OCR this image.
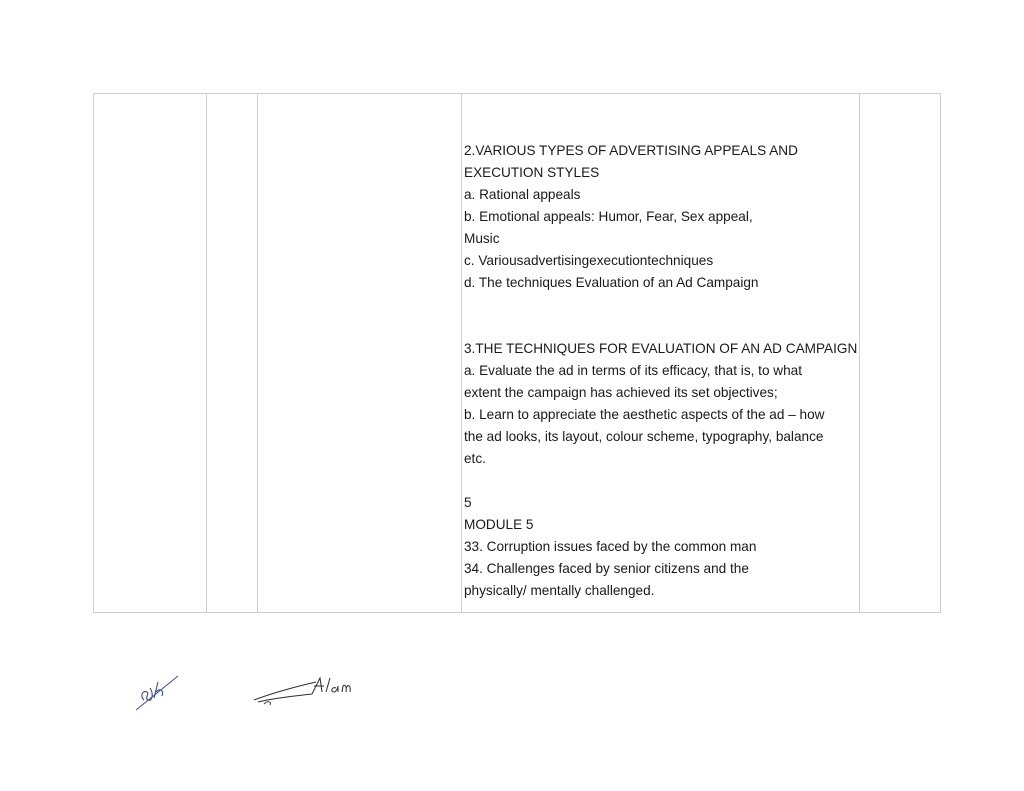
2.VARIOUS TYPES OF ADVERTISING APPEALS AND
EXECUTION STYLES
a. Rational appeals
b. Emotional appeals: Humor, Fear, Sex appeal,
Music
c. Variousadvertisingexecutiontechniques
d. The techniques Evaluation of an Ad Campaign
3.THE TECHNIQUES FOR EVALUATION OF AN AD CAMPAIGN
a. Evaluate the ad in terms of its efficacy, that is, to what
extent the campaign has achieved its set objectives;
b. Learn to appreciate the aesthetic aspects of the ad – how
the ad looks, its layout, colour scheme, typography, balance
etc.
5
MODULE 5
33. Corruption issues faced by the common man
34. Challenges faced by senior citizens and the
physically/ mentally challenged.
